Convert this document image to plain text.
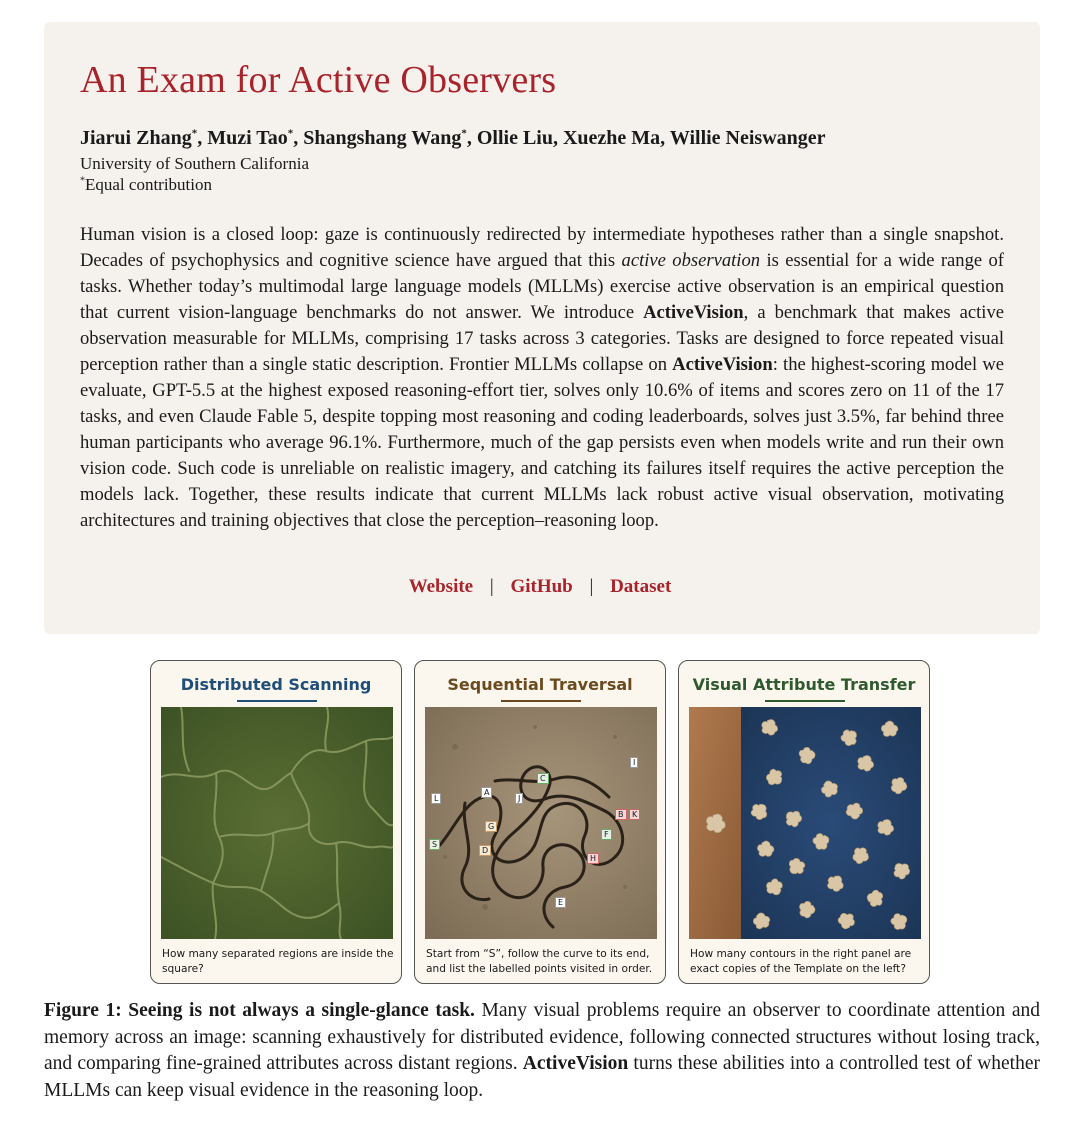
An Exam for Active Observers
Jiarui Zhang*, Muzi Tao*, Shangshang Wang*, Ollie Liu, Xuezhe Ma, Willie Neiswanger
University of Southern California
*Equal contribution

Human vision is a closed loop: gaze is continuously redirected by intermediate hypotheses rather than a single snapshot. Decades of psychophysics and cognitive science have argued that this active observation is essential for a wide range of tasks. Whether today’s multimodal large language models (MLLMs) exercise active observation is an empirical question that current vision-language benchmarks do not answer. We introduce ActiveVision, a benchmark that makes active observation measurable for MLLMs, comprising 17 tasks across 3 categories. Tasks are designed to force repeated visual perception rather than a single static description. Frontier MLLMs collapse on ActiveVision: the highest-scoring model we evaluate, GPT-5.5 at the highest exposed reasoning-effort tier, solves only 10.6% of items and scores zero on 11 of the 17 tasks, and even Claude Fable 5, despite topping most reasoning and coding leaderboards, solves just 3.5%, far behind three human participants who average 96.1%. Furthermore, much of the gap persists even when models write and run their own vision code. Such code is unreliable on realistic imagery, and catching its failures itself requires the active perception the models lack. Together, these results indicate that current MLLMs lack robust active visual observation, motivating architectures and training objectives that close the perception–reasoning loop.

Website | GitHub | Dataset
Distributed Scanning
How many separated regions are inside the square?
Sequential Traversal
I
C
L
A
J
B	K
G
F
S
D
H
E
Start from “S”, follow the curve to its end, and list the labelled points visited in order.
Visual Attribute Transfer
How many contours in the right panel are exact copies of the Template on the left?

Figure 1: Seeing is not always a single-glance task. Many visual problems require an observer to coordinate attention and memory across an image: scanning exhaustively for distributed evidence, following connected structures without losing track, and comparing fine-grained attributes across distant regions. ActiveVision turns these abilities into a controlled test of whether MLLMs can keep visual evidence in the reasoning loop.
